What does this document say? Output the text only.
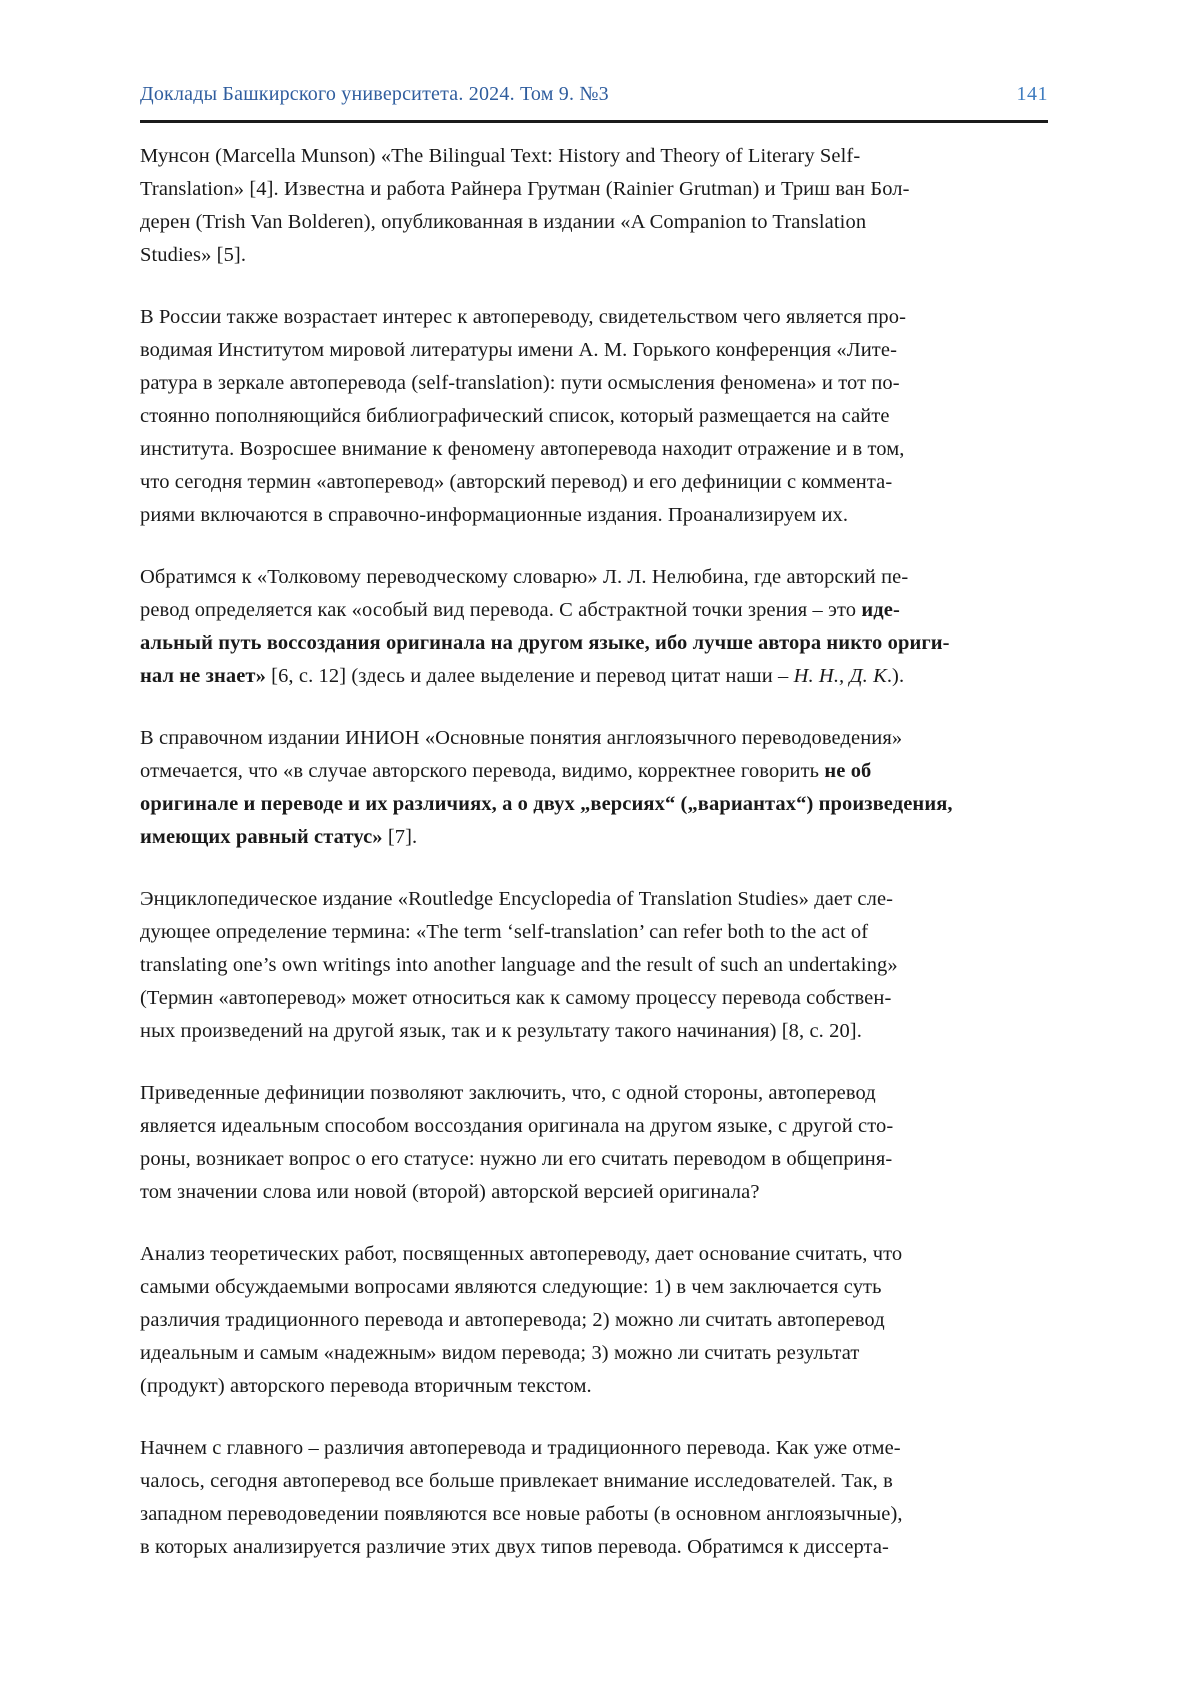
Доклады Башкирского университета. 2024. Том 9. №3	141
Мунсон (Marcella Munson) «The Bilingual Text: History and Theory of Literary Self-
Translation» [4]. Известна и работа Райнера Грутман (Rainier Grutman) и Триш ван Бол-
дерен (Trish Van Bolderen), опубликованная в издании «A Companion to Translation
Studies» [5].
В России также возрастает интерес к автопереводу, свидетельством чего является про-
водимая Институтом мировой литературы имени А. М. Горького конференция «Лите-
ратура в зеркале автоперевода (self-translation): пути осмысления феномена» и тот по-
стоянно пополняющийся библиографический список, который размещается на сайте
института. Возросшее внимание к феномену автоперевода находит отражение и в том,
что сегодня термин «автоперевод» (авторский перевод) и его дефиниции с коммента-
риями включаются в справочно-информационные издания. Проанализируем их.
Обратимся к «Толковому переводческому словарю» Л. Л. Нелюбина, где авторский пе-
ревод определяется как «особый вид перевода. С абстрактной точки зрения – это иде-
альный путь воссоздания оригинала на другом языке, ибо лучше автора никто ориги-
нал не знает» [6, с. 12] (здесь и далее выделение и перевод цитат наши – Н. Н., Д. К.).
В справочном издании ИНИОН «Основные понятия англоязычного переводоведения»
отмечается, что «в случае авторского перевода, видимо, корректнее говорить не об
оригинале и переводе и их различиях, а о двух „версиях“ („вариантах“) произведения,
имеющих равный статус» [7].
Энциклопедическое издание «Routledge Encyclopedia of Translation Studies» дает сле-
дующее определение термина: «The term ‘self-translation’ can refer both to the act of
translating one’s own writings into another language and the result of such an undertaking»
(Термин «автоперевод» может относиться как к самому процессу перевода собствен-
ных произведений на другой язык, так и к результату такого начинания) [8, с. 20].
Приведенные дефиниции позволяют заключить, что, с одной стороны, автоперевод
является идеальным способом воссоздания оригинала на другом языке, с другой сто-
роны, возникает вопрос о его статусе: нужно ли его считать переводом в общеприня-
том значении слова или новой (второй) авторской версией оригинала?
Анализ теоретических работ, посвященных автопереводу, дает основание считать, что
самыми обсуждаемыми вопросами являются следующие: 1) в чем заключается суть
различия традиционного перевода и автоперевода; 2) можно ли считать автоперевод
идеальным и самым «надежным» видом перевода; 3) можно ли считать результат
(продукт) авторского перевода вторичным текстом.
Начнем с главного – различия автоперевода и традиционного перевода. Как уже отме-
чалось, сегодня автоперевод все больше привлекает внимание исследователей. Так, в
западном переводоведении появляются все новые работы (в основном англоязычные),
в которых анализируется различие этих двух типов перевода. Обратимся к диссерта-
